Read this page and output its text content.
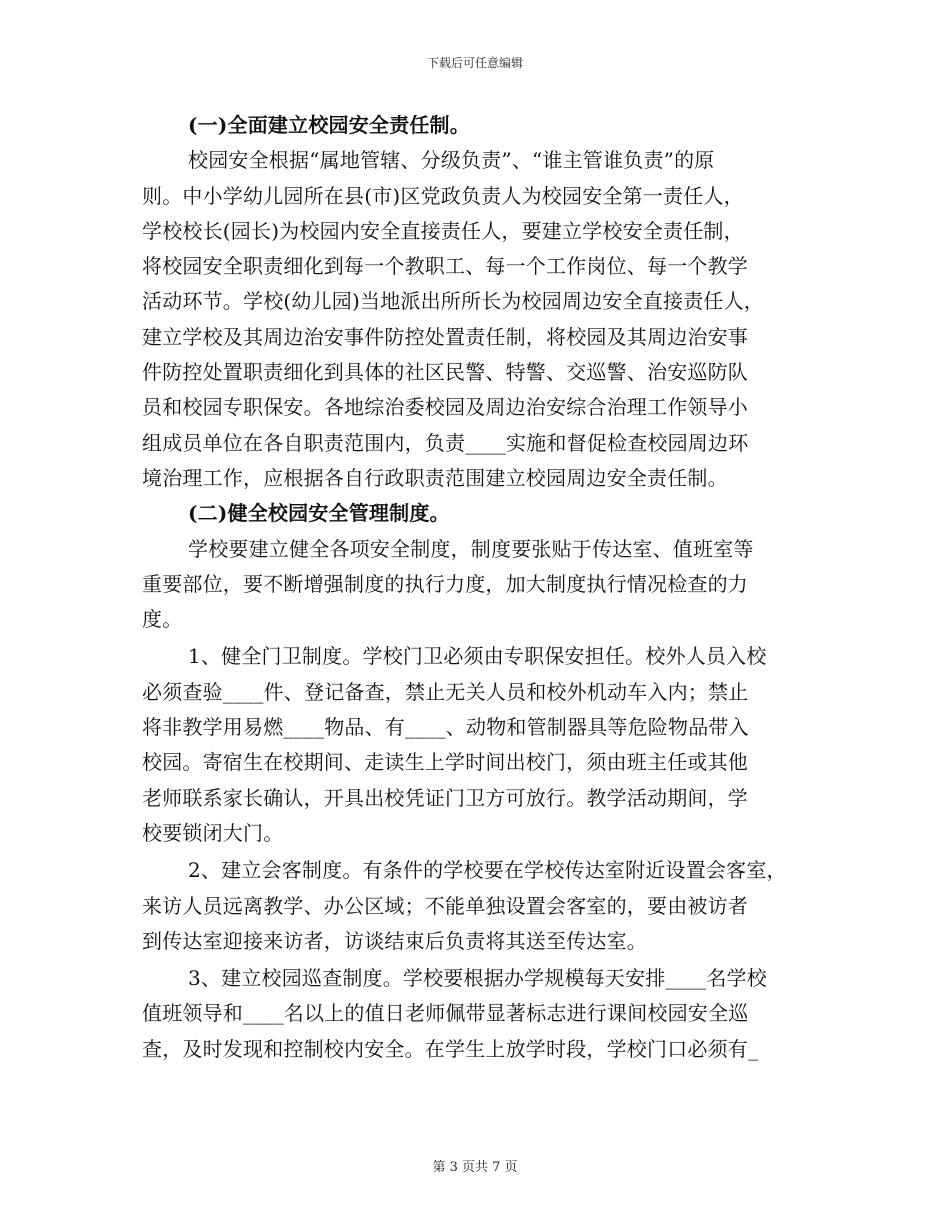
下载后可任意编辑
(一)全面建立校园安全责任制。
校园安全根据“属地管辖、分级负责”、“谁主管谁负责”的原
则。中小学幼儿园所在县(市)区党政负责人为校园安全第一责任人，
学校校长(园长)为校园内安全直接责任人，要建立学校安全责任制，
将校园安全职责细化到每一个教职工、每一个工作岗位、每一个教学
活动环节。学校(幼儿园)当地派出所所长为校园周边安全直接责任人，
建立学校及其周边治安事件防控处置责任制，将校园及其周边治安事
件防控处置职责细化到具体的社区民警、特警、交巡警、治安巡防队
员和校园专职保安。各地综治委校园及周边治安综合治理工作领导小
组成员单位在各自职责范围内，负责____实施和督促检查校园周边环
境治理工作，应根据各自行政职责范围建立校园周边安全责任制。
(二)健全校园安全管理制度。
学校要建立健全各项安全制度，制度要张贴于传达室、值班室等
重要部位，要不断增强制度的执行力度，加大制度执行情况检查的力
度。
1、健全门卫制度。学校门卫必须由专职保安担任。校外人员入校
必须查验____件、登记备查，禁止无关人员和校外机动车入内；禁止
将非教学用易燃____物品、有____、动物和管制器具等危险物品带入
校园。寄宿生在校期间、走读生上学时间出校门，须由班主任或其他
老师联系家长确认，开具出校凭证门卫方可放行。教学活动期间，学
校要锁闭大门。
2、建立会客制度。有条件的学校要在学校传达室附近设置会客室，
来访人员远离教学、办公区域；不能单独设置会客室的，要由被访者
到传达室迎接来访者，访谈结束后负责将其送至传达室。
3、建立校园巡查制度。学校要根据办学规模每天安排____名学校
值班领导和____名以上的值日老师佩带显著标志进行课间校园安全巡
查，及时发现和控制校内安全。在学生上放学时段，学校门口必须有_
第 3 页共 7 页
